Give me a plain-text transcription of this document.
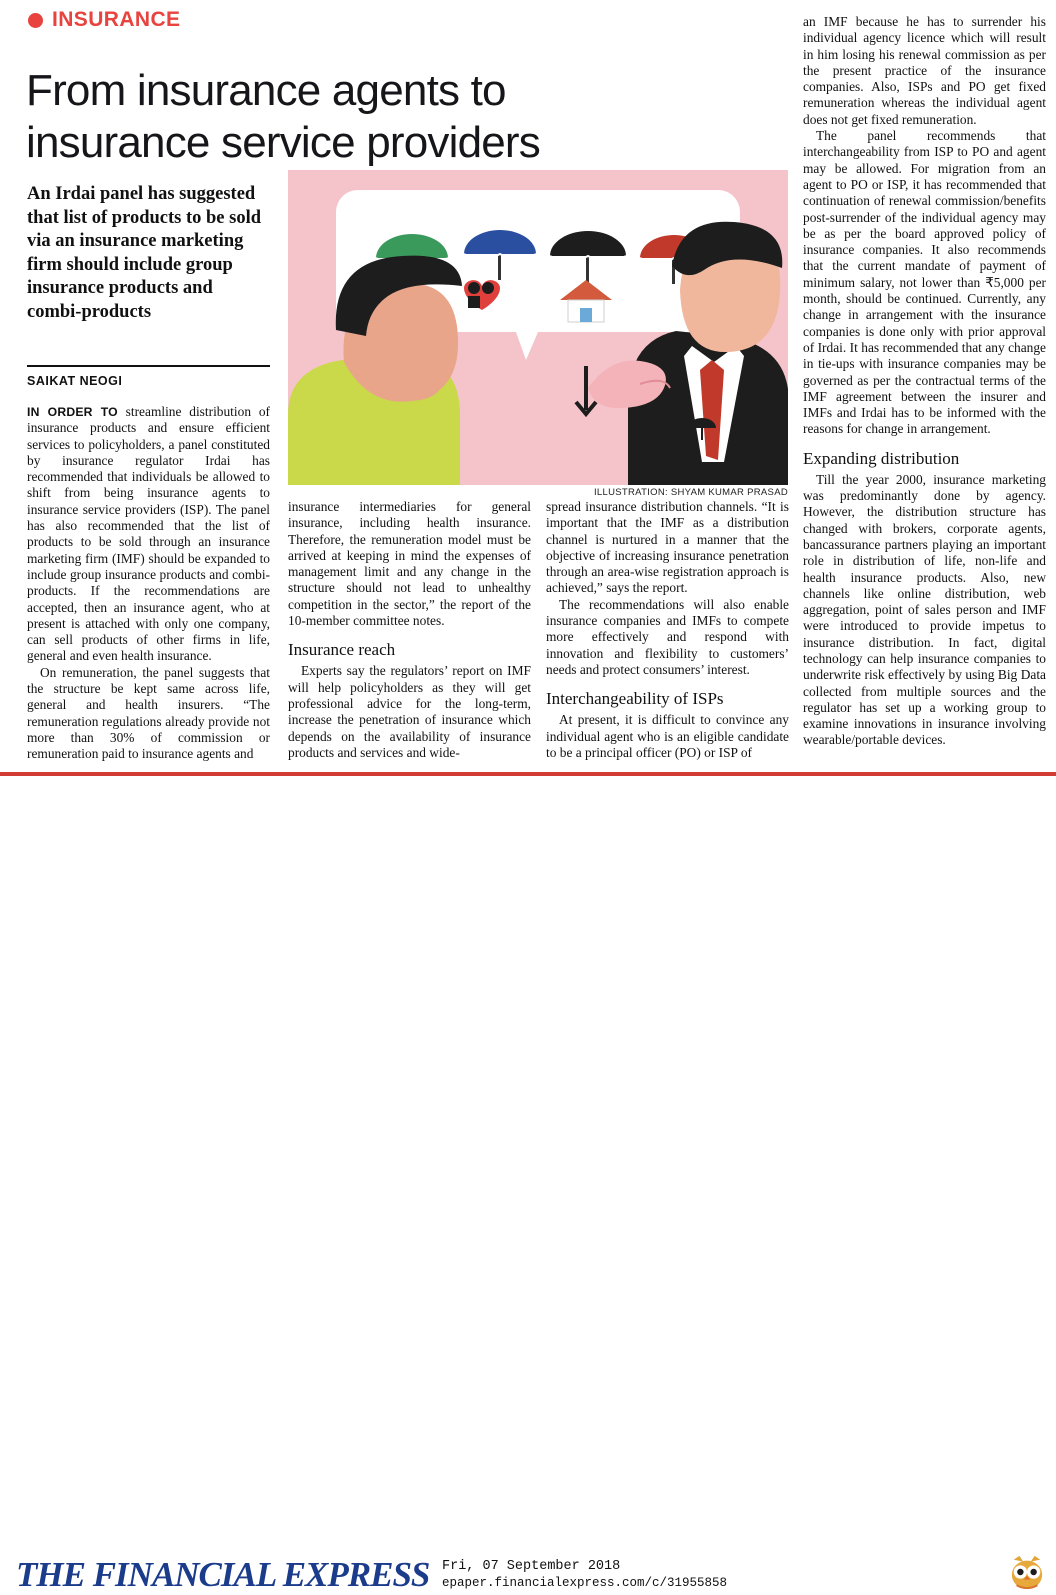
INSURANCE
From insurance agents to insurance service providers
An Irdai panel has suggested that list of products to be sold via an insurance marketing firm should include group insurance products and combi-products
SAIKAT NEOGI
ILLUSTRATION: SHYAM KUMAR PRASAD

IN ORDER TO streamline distribution of insurance products and ensure efficient services to policyholders, a panel constituted by insurance regulator Irdai has recommended that individuals be allowed to shift from being insurance agents to insurance service providers (ISP). The panel has also recommended that the list of products to be sold through an insurance marketing firm (IMF) should be expanded to include group insurance products and combi-products. If the recommendations are accepted, then an insurance agent, who at present is attached with only one company, can sell products of other firms in life, general and even health insurance.

On remuneration, the panel suggests that the structure be kept same across life, general and health insurers. “The remuneration regulations already provide not more than 30% of commission or remuneration paid to insurance agents and

insurance intermediaries for general insurance, including health insurance. Therefore, the remuneration model must be arrived at keeping in mind the expenses of management limit and any change in the structure should not lead to unhealthy competition in the sector,” the report of the 10-member committee notes.

Insurance reach

Experts say the regulators’ report on IMF will help policyholders as they will get professional advice for the long-term, increase the penetration of insurance which depends on the availability of insurance products and services and wide-

spread insurance distribution channels. “It is important that the IMF as a distribution channel is nurtured in a manner that the objective of increasing insurance penetration through an area-wise registration approach is achieved,” says the report.

The recommendations will also enable insurance companies and IMFs to compete more effectively and respond with innovation and flexibility to customers’ needs and protect consumers’ interest.

Interchangeability of ISPs

At present, it is difficult to convince any individual agent who is an eligible candidate to be a principal officer (PO) or ISP of

an IMF because he has to surrender his individual agency licence which will result in him losing his renewal commission as per the present practice of the insurance companies. Also, ISPs and PO get fixed remuneration whereas the individual agent does not get fixed remuneration.

The panel recommends that interchangeability from ISP to PO and agent may be allowed. For migration from an agent to PO or ISP, it has recommended that continuation of renewal commission/benefits post-surrender of the individual agency may be as per the board approved policy of insurance companies. It also recommends that the current mandate of payment of minimum salary, not lower than ₹5,000 per month, should be continued. Currently, any change in arrangement with the insurance companies is done only with prior approval of Irdai. It has recommended that any change in tie-ups with insurance companies may be governed as per the contractual terms of the IMF agreement between the insurer and IMFs and Irdai has to be informed with the reasons for change in arrangement.

Expanding distribution

Till the year 2000, insurance marketing was predominantly done by agency. However, the distribution structure has changed with brokers, corporate agents, bancassurance partners playing an important role in distribution of life, non-life and health insurance products. Also, new channels like online distribution, web aggregation, point of sales person and IMF were introduced to provide impetus to insurance distribution. In fact, digital technology can help insurance companies to underwrite risk effectively by using Big Data collected from multiple sources and the regulator has set up a working group to examine innovations in insurance involving wearable/portable devices.

THE FINANCIAL EXPRESS Fri, 07 September 2018
epaper.financialexpress.com/c/31955858
